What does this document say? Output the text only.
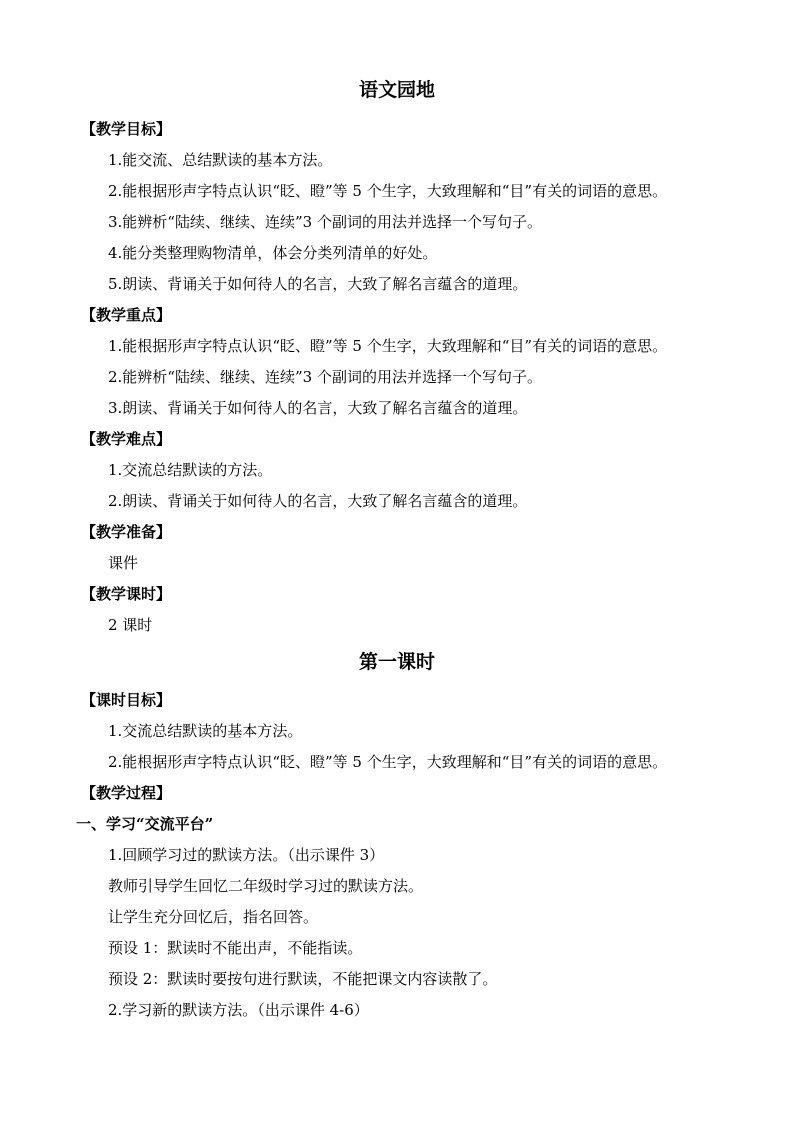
语文园地
【教学目标】
1.能交流、总结默读的基本方法。
2.能根据形声字特点认识“眨、瞪”等 5 个生字，大致理解和“目”有关的词语的意思。
3.能辨析“陆续、继续、连续”3 个副词的用法并选择一个写句子。
4.能分类整理购物清单，体会分类列清单的好处。
5.朗读、背诵关于如何待人的名言，大致了解名言蕴含的道理。
【教学重点】
1.能根据形声字特点认识“眨、瞪”等 5 个生字，大致理解和“目”有关的词语的意思。
2.能辨析“陆续、继续、连续”3 个副词的用法并选择一个写句子。
3.朗读、背诵关于如何待人的名言，大致了解名言蕴含的道理。
【教学难点】
1.交流总结默读的方法。
2.朗读、背诵关于如何待人的名言，大致了解名言蕴含的道理。
【教学准备】
课件
【教学课时】
2 课时
第一课时
【课时目标】
1.交流总结默读的基本方法。
2.能根据形声字特点认识“眨、瞪”等 5 个生字，大致理解和“目”有关的词语的意思。
【教学过程】
一、学习“交流平台”
1.回顾学习过的默读方法。（出示课件 3）
教师引导学生回忆二年级时学习过的默读方法。
让学生充分回忆后，指名回答。
预设 1：默读时不能出声，不能指读。
预设 2：默读时要按句进行默读，不能把课文内容读散了。
2.学习新的默读方法。（出示课件 4-6）
